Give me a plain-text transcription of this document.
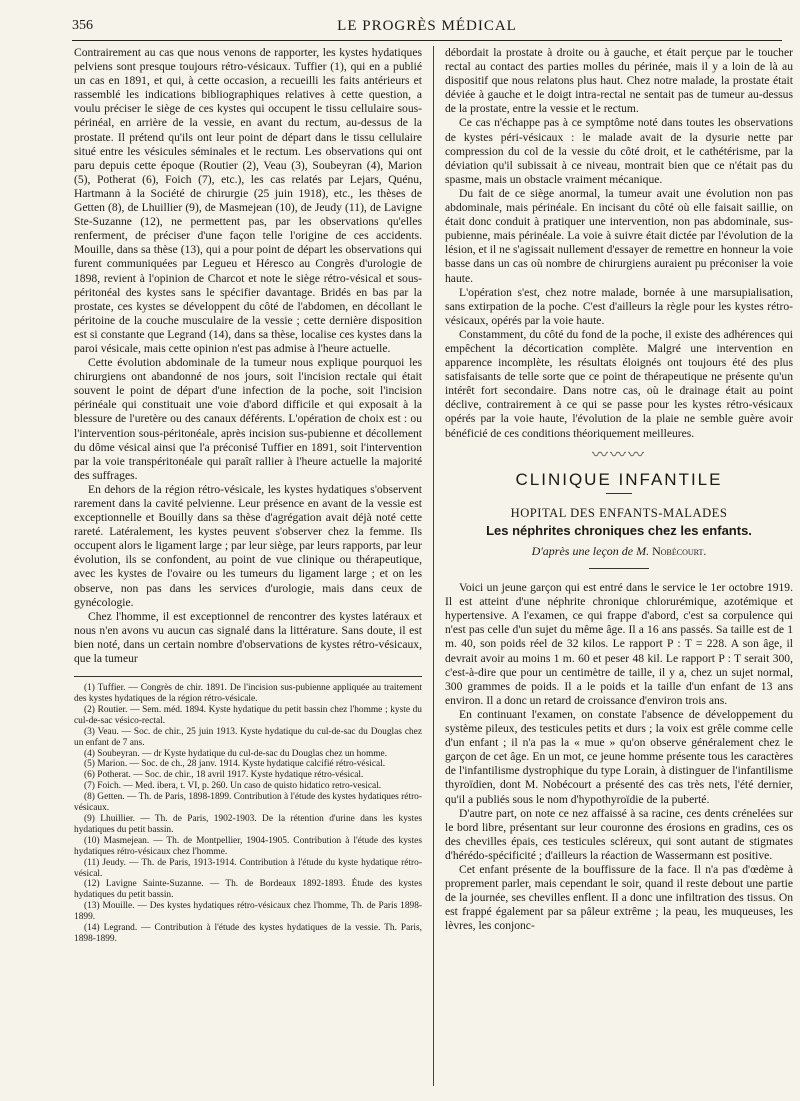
356	LE PROGRÈS MÉDICAL

Contrairement au cas que nous venons de rapporter, les kystes hydatiques pelviens sont presque toujours rétro-vésicaux. Tuffier (1), qui en a publié un cas en 1891, et qui, à cette occasion, a recueilli les faits antérieurs et rassemblé les indications bibliographiques relatives à cette question, a voulu préciser le siège de ces kystes qui occupent le tissu cellulaire sous-périnéal, en arrière de la vessie, en avant du rectum, au-dessus de la prostate. Il prétend qu'ils ont leur point de départ dans le tissu cellulaire situé entre les vésicules séminales et le rectum. Les observations qui ont paru depuis cette époque (Routier (2), Veau (3), Soubeyran (4), Marion (5), Potherat (6), Foich (7), etc.), les cas relatés par Lejars, Quénu, Hartmann à la Société de chirurgie (25 juin 1918), etc., les thèses de Getten (8), de Lhuillier (9), de Masmejean (10), de Jeudy (11), de Lavigne Ste-Suzanne (12), ne permettent pas, par les observations qu'elles renferment, de préciser d'une façon telle l'origine de ces accidents. Mouille, dans sa thèse (13), qui a pour point de départ les observations qui furent communiquées par Legueu et Héresco au Congrès d'urologie de 1898, revient à l'opinion de Charcot et note le siège rétro-vésical et sous-péritonéal des kystes sans le spécifier davantage. Bridés en bas par la prostate, ces kystes se développent du côté de l'abdomen, en décollant le péritoine de la couche musculaire de la vessie ; cette dernière disposition est si constante que Legrand (14), dans sa thèse, localise ces kystes dans la paroi vésicale, mais cette opinion n'est pas admise à l'heure actuelle.

Cette évolution abdominale de la tumeur nous explique pourquoi les chirurgiens ont abandonné de nos jours, soit l'incision rectale qui était souvent le point de départ d'une infection de la poche, soit l'incision périnéale qui constituait une voie d'abord difficile et qui exposait à la blessure de l'uretère ou des canaux déférents. L'opération de choix est : ou l'intervention sous-péritonéale, après incision sus-pubienne et décollement du dôme vésical ainsi que l'a préconisé Tuffier en 1891, soit l'intervention par la voie transpéritonéale qui paraît rallier à l'heure actuelle la majorité des suffrages.

En dehors de la région rétro-vésicale, les kystes hydatiques s'observent rarement dans la cavité pelvienne. Leur présence en avant de la vessie est exceptionnelle et Bouilly dans sa thèse d'agrégation avait déjà noté cette rareté. Latéralement, les kystes peuvent s'observer chez la femme. Ils occupent alors le ligament large ; par leur siège, par leurs rapports, par leur évolution, ils se confondent, au point de vue clinique ou thérapeutique, avec les kystes de l'ovaire ou les tumeurs du ligament large ; et on les observe, non pas dans les services d'urologie, mais dans ceux de gynécologie.

Chez l'homme, il est exceptionnel de rencontrer des kystes latéraux et nous n'en avons vu aucun cas signalé dans la littérature. Sans doute, il est bien noté, dans un certain nombre d'observations de kystes rétro-vésicaux, que la tumeur

(1) Tuffier. — Congrès de chir. 1891. De l'incision sus-pubienne appliquée au traitement des kystes hydatiques de la région rétro-vésicale.

(2) Routier. — Sem. méd. 1894. Kyste hydatique du petit bassin chez l'homme ; kyste du cul-de-sac vésico-rectal.

(3) Veau. — Soc. de chir., 25 juin 1913. Kyste hydatique du cul-de-sac du Douglas chez un enfant de 7 ans.

(4) Soubeyran. — dr Kyste hydatique du cul-de-sac du Douglas chez un homme.

(5) Marion. — Soc. de ch., 28 janv. 1914. Kyste hydatique calcifié rétro-vésical.

(6) Potherat. — Soc. de chir., 18 avril 1917. Kyste hydatique rétro-vésical.

(7) Foich. — Med. ibera, t. VI, p. 260. Un caso de quisto hidatico retro-vesical.

(8) Getten. — Th. de Paris, 1898-1899. Contribution à l'étude des kystes hydatiques rétro-vésicaux.

(9) Lhuillier. — Th. de Paris, 1902-1903. De la rétention d'urine dans les kystes hydatiques du petit bassin.

(10) Masmejean. — Th. de Montpellier, 1904-1905. Contribution à l'étude des kystes hydatiques rétro-vésicaux chez l'homme.

(11) Jeudy. — Th. de Paris, 1913-1914. Contribution à l'étude du kyste hydatique rétro-vésical.

(12) Lavigne Sainte-Suzanne. — Th. de Bordeaux 1892-1893. Étude des kystes hydatiques du petit bassin.

(13) Mouille. — Des kystes hydatiques rétro-vésicaux chez l'homme, Th. de Paris 1898-1899.

(14) Legrand. — Contribution à l'étude des kystes hydatiques de la vessie. Th. Paris, 1898-1899.

débordait la prostate à droite ou à gauche, et était perçue par le toucher rectal au contact des parties molles du périnée, mais il y a loin de là au dispositif que nous relatons plus haut. Chez notre malade, la prostate était déviée à gauche et le doigt intra-rectal ne sentait pas de tumeur au-dessus de la prostate, entre la vessie et le rectum.

Ce cas n'échappe pas à ce symptôme noté dans toutes les observations de kystes péri-vésicaux : le malade avait de la dysurie nette par compression du col de la vessie du côté droit, et le cathétérisme, par la déviation qu'il subissait à ce niveau, montrait bien que ce n'était pas du spasme, mais un obstacle vraiment mécanique.

Du fait de ce siège anormal, la tumeur avait une évolution non pas abdominale, mais périnéale. En incisant du côté où elle faisait saillie, on était donc conduit à pratiquer une intervention, non pas abdominale, sus-pubienne, mais périnéale. La voie à suivre était dictée par l'évolution de la lésion, et il ne s'agissait nullement d'essayer de remettre en honneur la voie basse dans un cas où nombre de chirurgiens auraient pu préconiser la voie haute.

L'opération s'est, chez notre malade, bornée à une marsupialisation, sans extirpation de la poche. C'est d'ailleurs la règle pour les kystes rétro-vésicaux, opérés par la voie haute.

Constamment, du côté du fond de la poche, il existe des adhérences qui empêchent la décortication complète. Malgré une intervention en apparence incomplète, les résultats éloignés ont toujours été des plus satisfaisants de telle sorte que ce point de thérapeutique ne présente qu'un intérêt fort secondaire. Dans notre cas, où le drainage était au point déclive, contrairement à ce qui se passe pour les kystes rétro-vésicaux opérés par la voie haute, l'évolution de la plaie ne semble guère avoir bénéficié de ces conditions théoriquement meilleures.

〰〰〰
CLINIQUE INFANTILE
HOPITAL DES ENFANTS-MALADES
Les néphrites chroniques chez les enfants.
D'après une leçon de M. Nobécourt.

Voici un jeune garçon qui est entré dans le service le 1er octobre 1919. Il est atteint d'une néphrite chronique chlorurémique, azotémique et hypertensive. A l'examen, ce qui frappe d'abord, c'est sa corpulence qui n'est pas celle d'un sujet du même âge. Il a 16 ans passés. Sa taille est de 1 m. 40, son poids réel de 32 kilos. Le rapport P : T = 228. A son âge, il devrait avoir au moins 1 m. 60 et peser 48 kil. Le rapport P : T serait 300, c'est-à-dire que pour un centimètre de taille, il y a, chez un sujet normal, 300 grammes de poids. Il a le poids et la taille d'un enfant de 13 ans environ. Il a donc un retard de croissance d'environ trois ans.

En continuant l'examen, on constate l'absence de développement du système pileux, des testicules petits et durs ; la voix est grêle comme celle d'un enfant ; il n'a pas la « mue » qu'on observe généralement chez le garçon de cet âge. En un mot, ce jeune homme présente tous les caractères de l'infantilisme dystrophique du type Lorain, à distinguer de l'infantilisme thyroïdien, dont M. Nobécourt a présenté des cas très nets, l'été dernier, qu'il a publiés sous le nom d'hypothyroïdie de la puberté.

D'autre part, on note ce nez affaissé à sa racine, ces dents crénelées sur le bord libre, présentant sur leur couronne des érosions en gradins, ces os des chevilles épais, ces testicules scléreux, qui sont autant de stigmates d'hérédo-spécificité ; d'ailleurs la réaction de Wassermann est positive.

Cet enfant présente de la bouffissure de la face. Il n'a pas d'œdème à proprement parler, mais cependant le soir, quand il reste debout une partie de la journée, ses chevilles enflent. Il a donc une infiltration des tissus. On est frappé également par sa pâleur extrême ; la peau, les muqueuses, les lèvres, les conjonc-
